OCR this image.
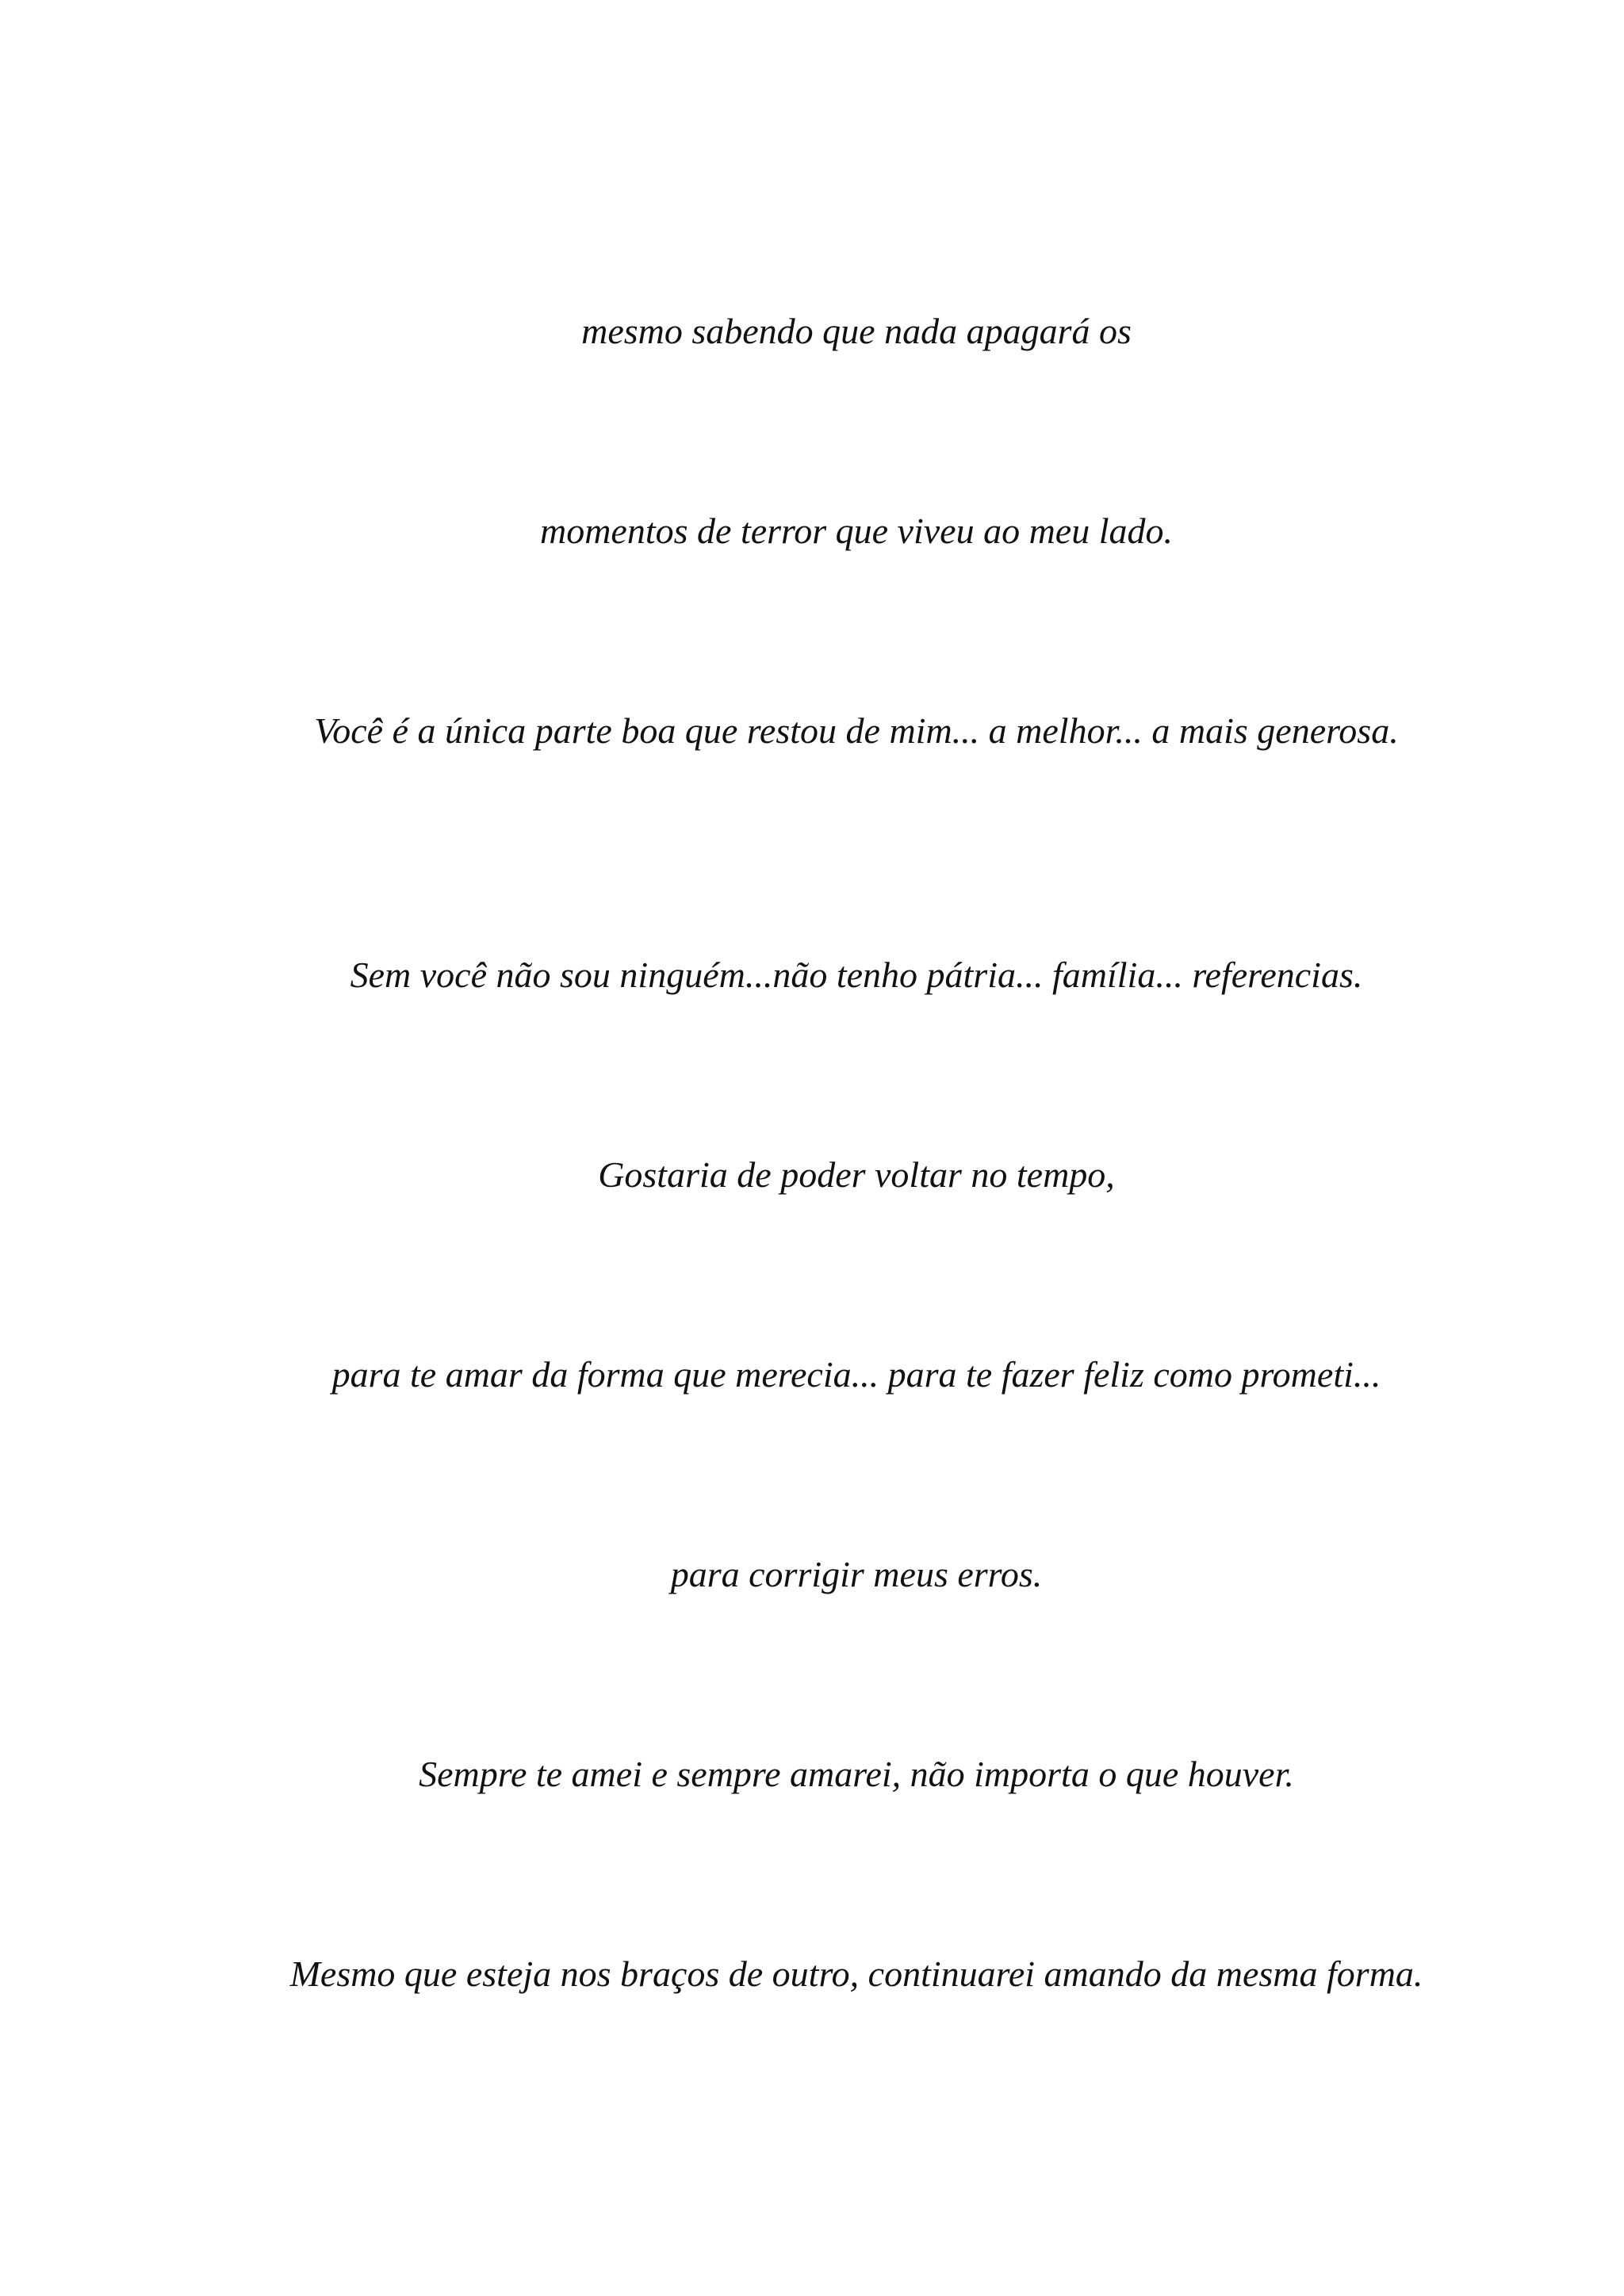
mesmo sabendo que nada apagará os

momentos de terror que viveu ao meu lado.

Você é a única parte boa que restou de mim... a melhor... a mais generosa.

Sem você não sou ninguém...não tenho pátria... família... referencias.

Gostaria de poder voltar no tempo,

para te amar da forma que merecia... para te fazer feliz como prometi...

para corrigir meus erros.

Sempre te amei e sempre amarei, não importa o que houver.

Mesmo que esteja nos braços de outro, continuarei amando da mesma forma.
